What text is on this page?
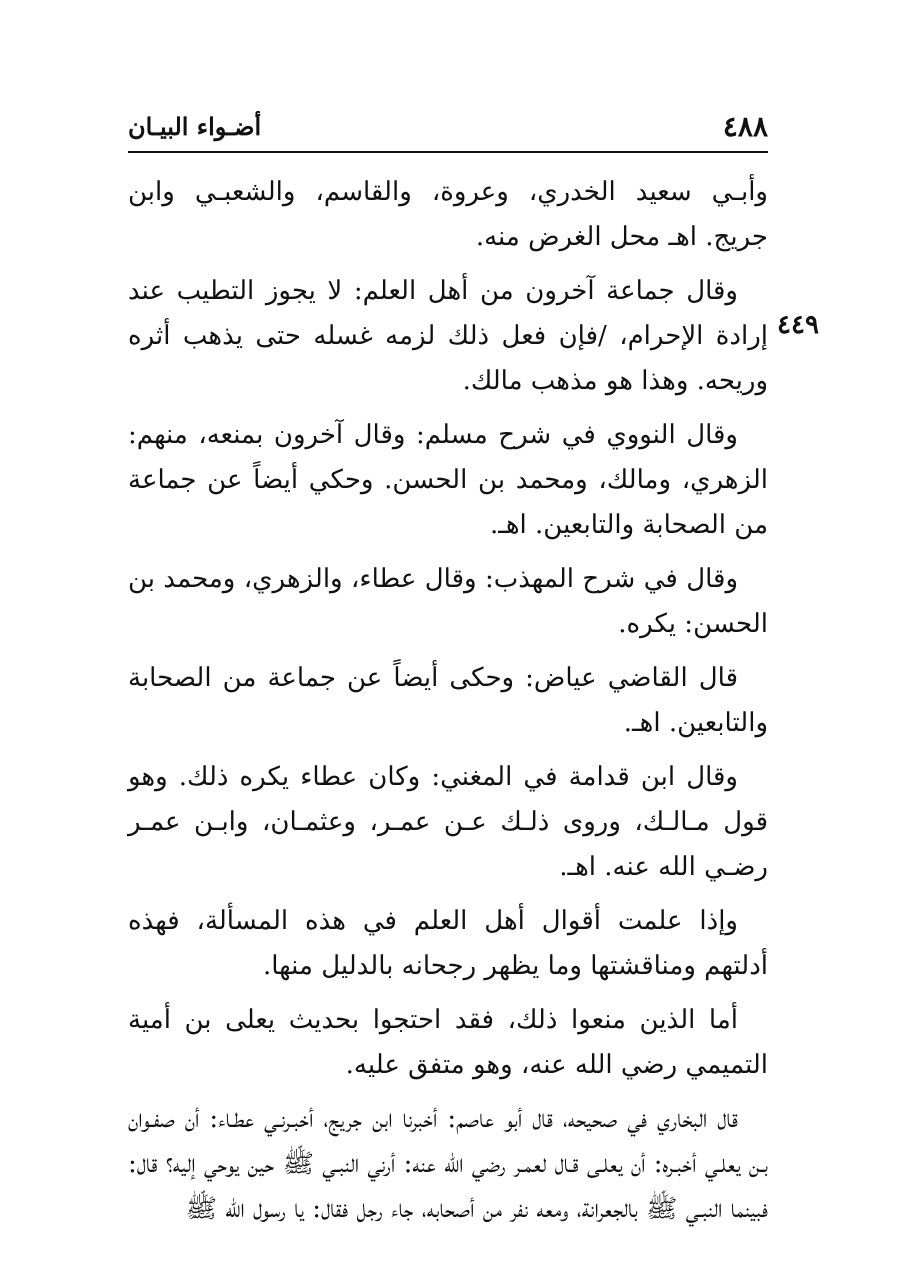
٤٨٨
أضـواء البيـان
٤٤٩

وأبـي سعيد الخدري، وعروة، والقاسم، والشعبـي وابن جريج. اهـ محل الغرض منه.

وقال جماعة آخرون من أهل العلم: لا يجوز التطيب عند إرادة الإحرام، /فإن فعل ذلك لزمه غسله حتى يذهب أثره وريحه. وهذا هو مذهب مالك.

وقال النووي في شرح مسلم: وقال آخرون بمنعه، منهم: الزهري، ومالك، ومحمد بن الحسن. وحكي أيضاً عن جماعة من الصحابة والتابعين. اهـ.

وقال في شرح المهذب: وقال عطاء، والزهري، ومحمد بن الحسن: يكره.

قال القاضي عياض: وحكى أيضاً عن جماعة من الصحابة والتابعين. اهـ.

وقال ابن قدامة في المغني: وكان عطاء يكره ذلك. وهو قول مـالـك، وروى ذلـك عـن عمـر، وعثمـان، وابـن عمـر رضـي الله عنه. اهـ.

وإذا علمت أقوال أهل العلم في هذه المسألة، فهذه أدلتهم ومناقشتها وما يظهر رجحانه بالدليل منها.

أما الذين منعوا ذلك، فقد احتجوا بحديث يعلى بن أمية التميمي رضي الله عنه، وهو متفق عليه.

قال البخاري في صحيحه، قال أبو عاصم: أخبرنا ابن جريج، أخبـرنـي عطـاء: أن صفـوان بـن يعلـي أخبـره: أن يعلـى قـال لعمـر رضي الله عنه: أرني النبـي ﷺ حين يوحي إليه؟ قال: فبينما النبـي ﷺ بالجعرانة، ومعه نفر من أصحابه، جاء رجل فقال: يا رسول الله ﷺ
